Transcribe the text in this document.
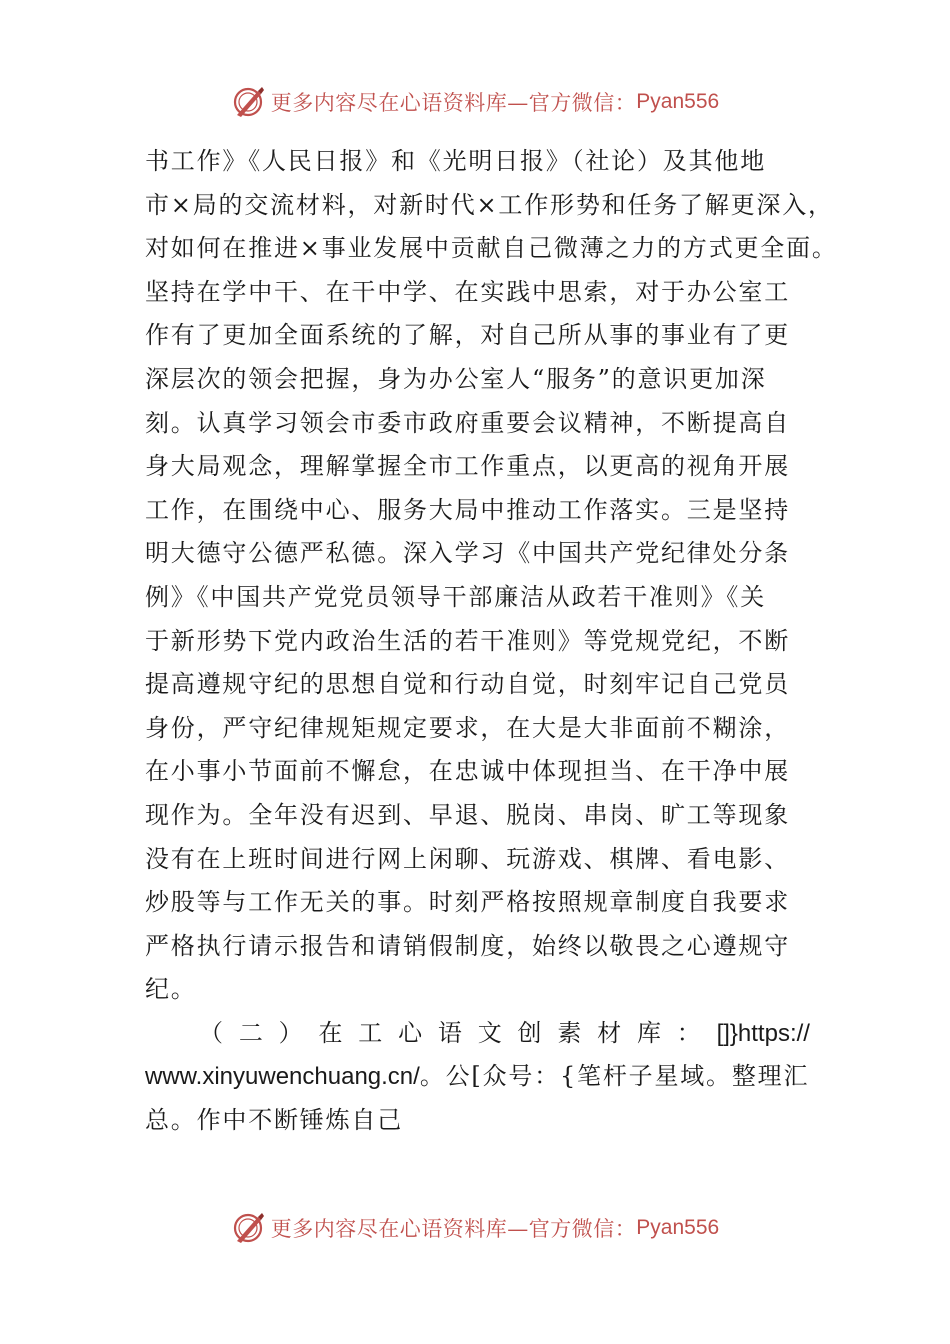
更多内容尽在心语资料库—官方微信： Pyan556
书工作》《人民日报》和《光明日报》（社论）及其他地
市×局的交流材料，对新时代×工作形势和任务了解更深入，
对如何在推进×事业发展中贡献自己微薄之力的方式更全面。
坚持在学中干、在干中学、在实践中思索，对于办公室工
作有了更加全面系统的了解，对自己所从事的事业有了更
深层次的领会把握，身为办公室人“服务”的意识更加深
刻。认真学习领会市委市政府重要会议精神，不断提高自
身大局观念，理解掌握全市工作重点，以更高的视角开展
工作，在围绕中心、服务大局中推动工作落实。三是坚持
明大德守公德严私德。深入学习《中国共产党纪律处分条
例》《中国共产党党员领导干部廉洁从政若干准则》《关
于新形势下党内政治生活的若干准则》等党规党纪，不断
提高遵规守纪的思想自觉和行动自觉，时刻牢记自己党员
身份，严守纪律规矩规定要求，在大是大非面前不糊涂，
在小事小节面前不懈怠，在忠诚中体现担当、在干净中展
现作为。全年没有迟到、早退、脱岗、串岗、旷工等现象
没有在上班时间进行网上闲聊、玩游戏、棋牌、看电影、
炒股等与工作无关的事。时刻严格按照规章制度自我要求
严格执行请示报告和请销假制度，始终以敬畏之心遵规守
纪。
（ 二 ） 在 工 心 语 文 创 素 材 库 ： []}https://
www.xinyuwenchuang.cn/。公[众号：{笔杆子星域。整理汇
总。作中不断锤炼自己
更多内容尽在心语资料库—官方微信： Pyan556
